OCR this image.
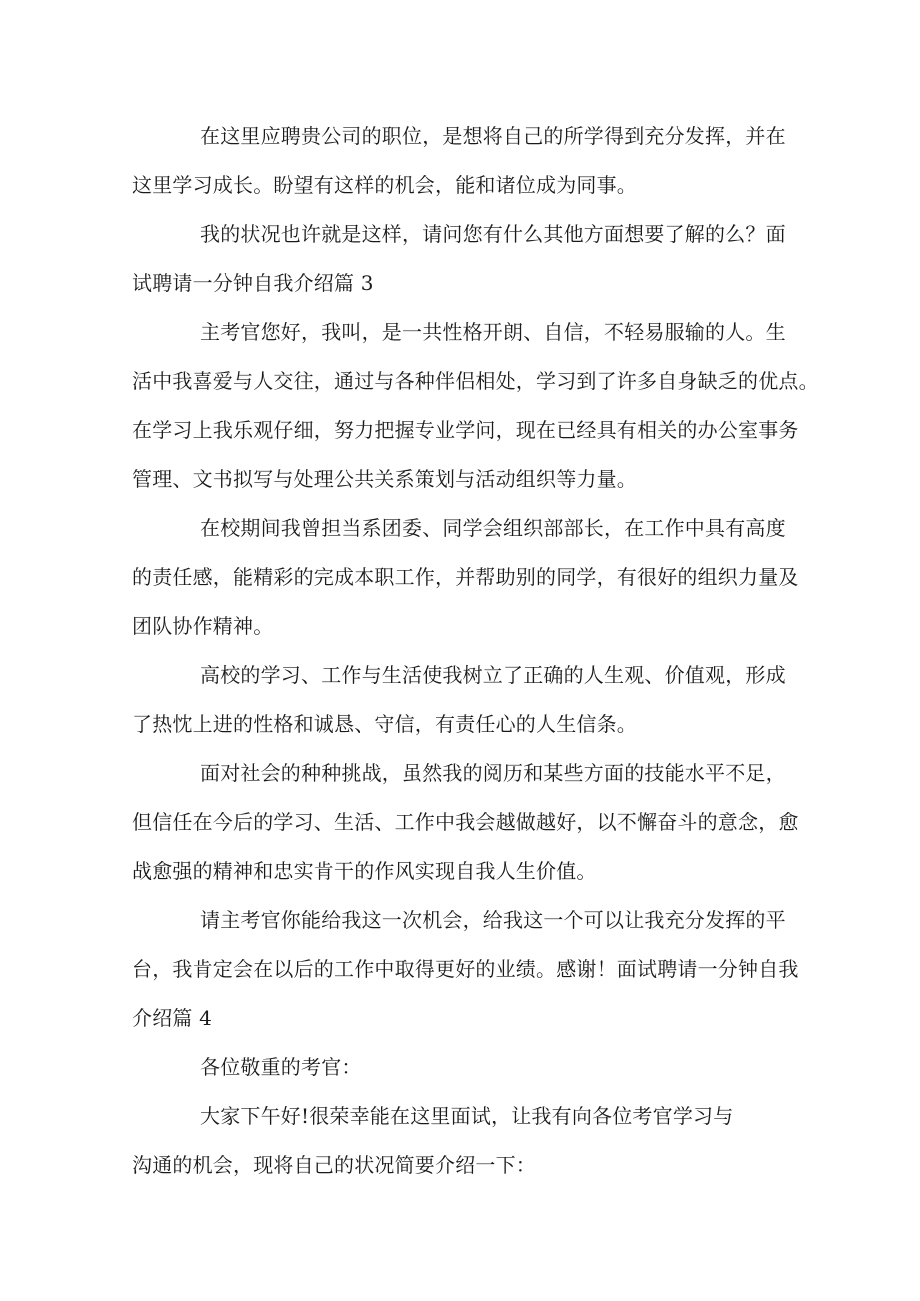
在这里应聘贵公司的职位，是想将自己的所学得到充分发挥，并在
这里学习成长。盼望有这样的机会，能和诸位成为同事。
我的状况也许就是这样，请问您有什么其他方面想要了解的么？面
试聘请一分钟自我介绍篇 3
主考官您好，我叫，是一共性格开朗、自信，不轻易服输的人。生
活中我喜爱与人交往，通过与各种伴侣相处，学习到了许多自身缺乏的优点。
在学习上我乐观仔细，努力把握专业学问，现在已经具有相关的办公室事务
管理、文书拟写与处理公共关系策划与活动组织等力量。
在校期间我曾担当系团委、同学会组织部部长，在工作中具有高度
的责任感，能精彩的完成本职工作，并帮助别的同学，有很好的组织力量及
团队协作精神。
高校的学习、工作与生活使我树立了正确的人生观、价值观，形成
了热忱上进的性格和诚恳、守信，有责任心的人生信条。
面对社会的种种挑战，虽然我的阅历和某些方面的技能水平不足，
但信任在今后的学习、生活、工作中我会越做越好，以不懈奋斗的意念，愈
战愈强的精神和忠实肯干的作风实现自我人生价值。
请主考官你能给我这一次机会，给我这一个可以让我充分发挥的平
台，我肯定会在以后的工作中取得更好的业绩。感谢！面试聘请一分钟自我
介绍篇 4
各位敬重的考官：
大家下午好!很荣幸能在这里面试，让我有向各位考官学习与
沟通的机会，现将自己的状况简要介绍一下：
